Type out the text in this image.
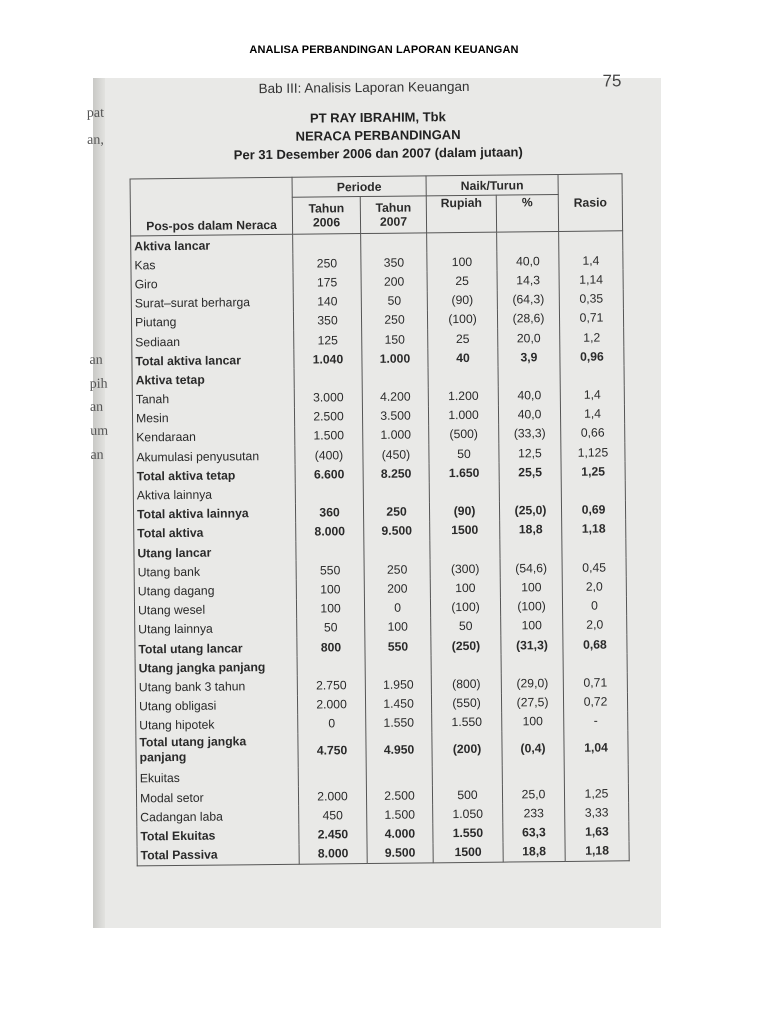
ANALISA PERBANDINGAN LAPORAN KEUANGAN
pat
an,
an
pih
an
um
an
Bab III: Analisis Laporan Keuangan	75
PT RAY IBRAHIM, Tbk
NERACA PERBANDINGAN
Per 31 Desember 2006 dan 2007 (dalam jutaan)
Pos-pos dalam Neraca	Periode		Naik/Turun		Rasio
	Tahun 2006	Tahun 2007	Rupiah	%	
Aktiva lancar					
Kas	250	350	100	40,0	1,4
Giro	175	200	25	14,3	1,14
Surat–surat berharga	140	50	(90)	(64,3)	0,35
Piutang	350	250	(100)	(28,6)	0,71
Sediaan	125	150	25	20,0	1,2
Total aktiva lancar	1.040	1.000	40	3,9	0,96
Aktiva tetap					
Tanah	3.000	4.200	1.200	40,0	1,4
Mesin	2.500	3.500	1.000	40,0	1,4
Kendaraan	1.500	1.000	(500)	(33,3)	0,66
Akumulasi penyusutan	(400)	(450)	50	12,5	1,125
Total aktiva tetap	6.600	8.250	1.650	25,5	1,25
Aktiva lainnya					
Total aktiva lainnya	360	250	(90)	(25,0)	0,69
Total aktiva	8.000	9.500	1500	18,8	1,18
Utang lancar					
Utang bank	550	250	(300)	(54,6)	0,45
Utang dagang	100	200	100	100	2,0
Utang wesel	100	0	(100)	(100)	0
Utang lainnya	50	100	50	100	2,0
Total utang lancar	800	550	(250)	(31,3)	0,68
Utang jangka panjang					
Utang bank 3 tahun	2.750	1.950	(800)	(29,0)	0,71
Utang obligasi	2.000	1.450	(550)	(27,5)	0,72
Utang hipotek	0	1.550	1.550	100	-
Total utang jangka panjang	4.750	4.950	(200)	(0,4)	1,04
Ekuitas					
Modal setor	2.000	2.500	500	25,0	1,25
Cadangan laba	450	1.500	1.050	233	3,33
Total Ekuitas	2.450	4.000	1.550	63,3	1,63
Total Passiva	8.000	9.500	1500	18,8	1,18
